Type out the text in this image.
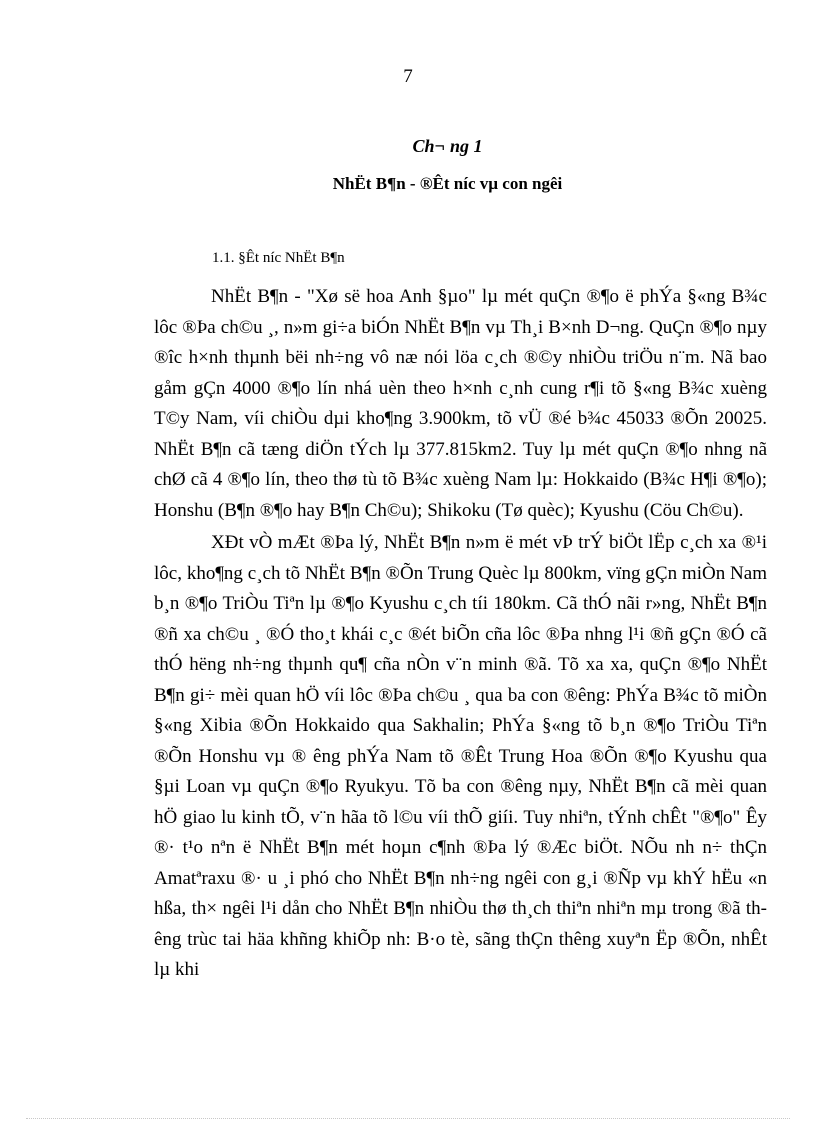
7
Ch¬ ng 1
NhËt B¶n - ®Êt níc vµ con ngêi
1.1. §Êt níc NhËt B¶n

NhËt B¶n - "Xø së hoa Anh §µo" lµ mét quÇn ®¶o ë phÝa §«ng B¾c lôc ®Þa ch©u ¸, n»m gi÷a biÓn NhËt B¶n vµ Th¸i B×nh D¬ng. QuÇn ®¶o nµy ®îc h×nh thµnh bëi nh÷ng vô næ nói löa c¸ch ®©y nhiÒu triÖu n¨m. Nã bao gåm gÇn 4000 ®¶o lín nhá uèn theo h×nh c¸nh cung r¶i tõ §«ng B¾c xuèng T©y Nam, víi chiÒu dµi kho¶ng 3.900km, tõ vÜ ®é b¾c 45033 ®Õn 20025. NhËt B¶n cã tæng diÖn tÝch lµ 377.815km2. Tuy lµ mét quÇn ®¶o nhng nã chØ cã 4 ®¶o lín, theo thø tù tõ B¾c xuèng Nam lµ: Hokkaido (B¾c H¶i ®¶o); Honshu (B¶n ®¶o hay B¶n Ch©u); Shikoku (Tø quèc); Kyushu (Cöu Ch©u).

XÐt vÒ mÆt ®Þa lý, NhËt B¶n n»m ë mét vÞ trÝ biÖt lËp c¸ch xa ®¹i lôc, kho¶ng c¸ch tõ NhËt B¶n ®Õn Trung Quèc lµ 800km, vïng gÇn miÒn Nam b¸n ®¶o TriÒu Tiªn lµ ®¶o Kyushu c¸ch tíi 180km. Cã thÓ nãi r»ng, NhËt B¶n ®ñ xa ch©u ¸ ®Ó tho¸t khái c¸c ®ét biÕn cña lôc ®Þa nhng l¹i ®ñ gÇn ®Ó cã thÓ hëng nh÷ng thµnh qu¶ cña nÒn v¨n minh ®ã. Tõ xa xa, quÇn ®¶o NhËt B¶n gi÷ mèi quan hÖ víi lôc ®Þa ch©u ¸ qua ba con ®êng: PhÝa B¾c tõ miÒn §«ng Xibia ®Õn Hokkaido qua Sakhalin; PhÝa §«ng tõ b¸n ®¶o TriÒu Tiªn ®Õn Honshu vµ ® êng phÝa Nam tõ ®Êt Trung Hoa ®Õn ®¶o Kyushu qua §µi Loan vµ quÇn ®¶o Ryukyu. Tõ ba con ®êng nµy, NhËt B¶n cã mèi quan hÖ giao lu kinh tÕ, v¨n hãa tõ l©u víi thÕ giíi. Tuy nhiªn, tÝnh chÊt "®¶o" Êy ®· t¹o nªn ë NhËt B¶n mét hoµn c¶nh ®Þa lý ®Æc biÖt. NÕu nh n÷ thÇn Amatªraxu ®· u ¸i phó cho NhËt B¶n nh÷ng ngêi con g¸i ®Ñp vµ khÝ hËu «n hßa, th× ngêi l¹i dån cho NhËt B¶n nhiÒu thø th¸ch thiªn nhiªn mµ trong ®ã thêng trùc tai häa khñng khiÕp nh: B·o tè, sãng thÇn thêng xuyªn Ëp ®Õn, nhÊt lµ khi
